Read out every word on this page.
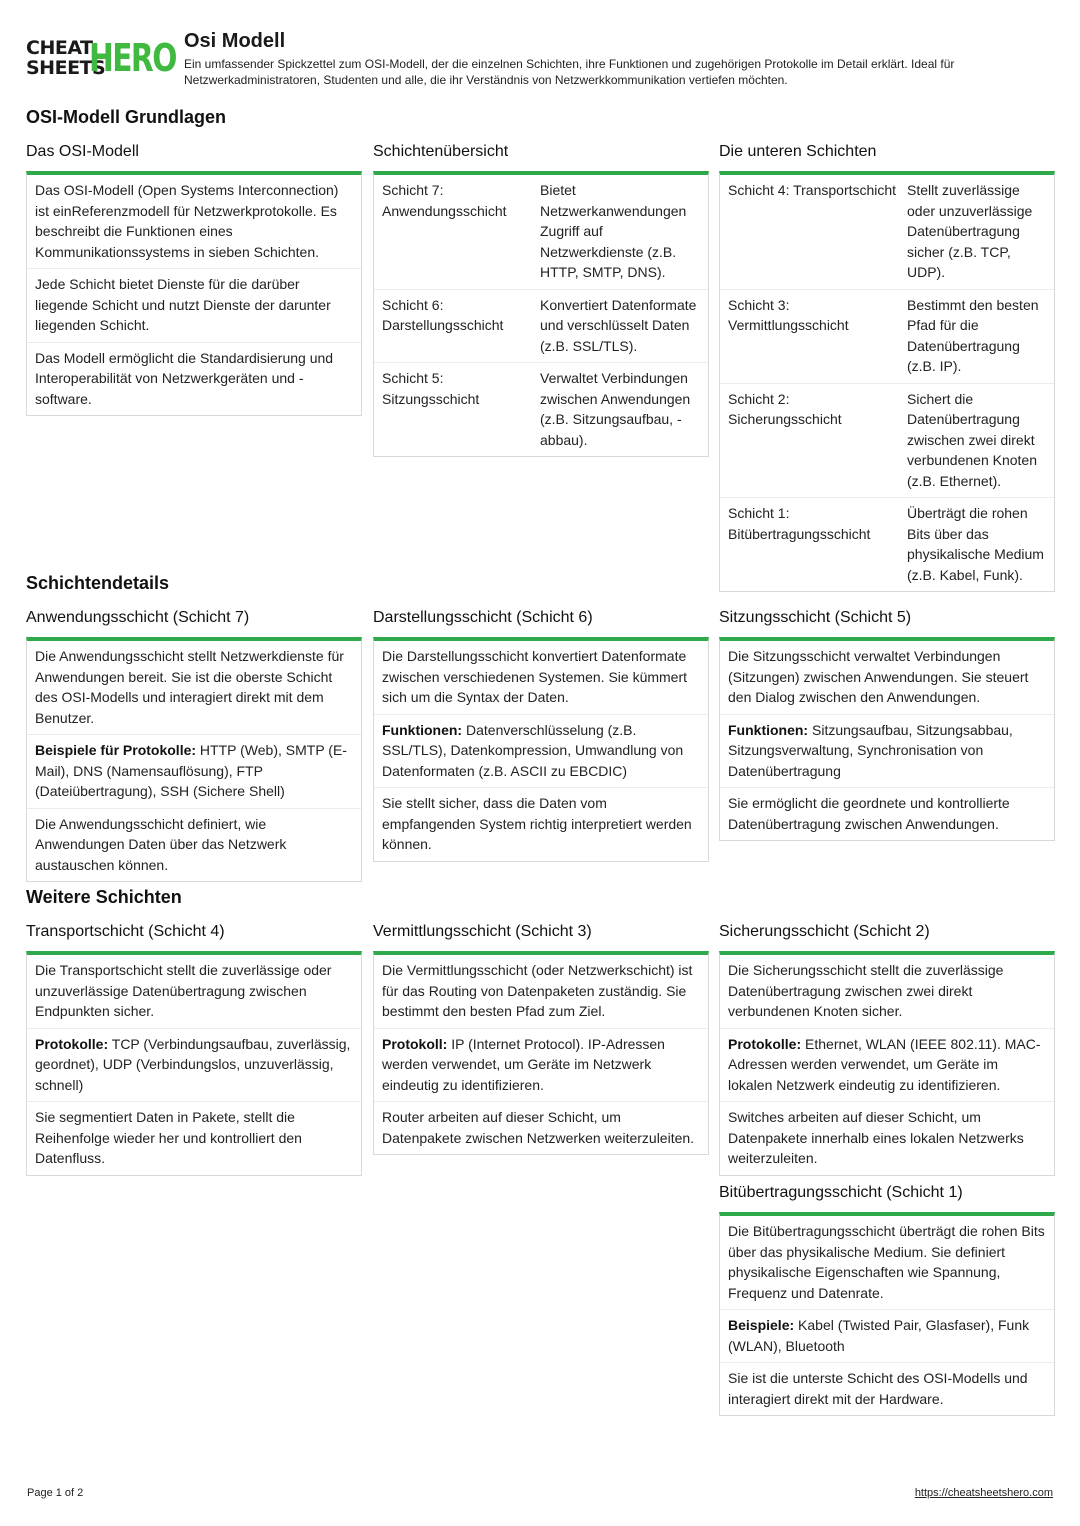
CHEAT
SHEETS
HERO Osi Modell
Ein umfassender Spickzettel zum OSI-Modell, der die einzelnen Schichten, ihre Funktionen und zugehörigen Protokolle im Detail erklärt. Ideal für Netzwerkadministratoren, Studenten und alle, die ihr Verständnis von Netzwerkkommunikation vertiefen möchten.
OSI-Modell Grundlagen
Das OSI-Modell
Das OSI-Modell (Open Systems Interconnection) ist einReferenzmodell für Netzwerkprotokolle. Es beschreibt die Funktionen eines Kommunikationssystems in sieben Schichten.
Jede Schicht bietet Dienste für die darüber liegende Schicht und nutzt Dienste der darunter liegenden Schicht.
Das Modell ermöglicht die Standardisierung und Interoperabilität von Netzwerkgeräten und -software.
Schichtenübersicht
Schicht 7: Anwendungsschicht
Bietet Netzwerkanwendungen Zugriff auf Netzwerkdienste (z.B. HTTP, SMTP, DNS).
Schicht 6: Darstellungsschicht
Konvertiert Datenformate und verschlüsselt Daten (z.B. SSL/TLS).
Schicht 5: Sitzungsschicht
Verwaltet Verbindungen zwischen Anwendungen (z.B. Sitzungsaufbau, -abbau).
Die unteren Schichten
Schicht 4: Transportschicht Stellt zuverlässige oder unzuverlässige Datenübertragung sicher (z.B. TCP, UDP).
Schicht 3: Vermittlungsschicht
Bestimmt den besten Pfad für die Datenübertragung (z.B. IP).
Schicht 2: Sicherungsschicht
Sichert die Datenübertragung zwischen zwei direkt verbundenen Knoten (z.B. Ethernet).
Schicht 1: Bitübertragungsschicht
Überträgt die rohen Bits über das physikalische Medium (z.B. Kabel, Funk).
Schichtendetails
Anwendungsschicht (Schicht 7)
Die Anwendungsschicht stellt Netzwerkdienste für Anwendungen bereit. Sie ist die oberste Schicht des OSI-Modells und interagiert direkt mit dem Benutzer.
Beispiele für Protokolle: HTTP (Web), SMTP (E-Mail), DNS (Namensauflösung), FTP (Dateiübertragung), SSH (Sichere Shell)
Die Anwendungsschicht definiert, wie Anwendungen Daten über das Netzwerk austauschen können.
Darstellungsschicht (Schicht 6)
Die Darstellungsschicht konvertiert Datenformate zwischen verschiedenen Systemen. Sie kümmert sich um die Syntax der Daten.
Funktionen: Datenverschlüsselung (z.B. SSL/TLS), Datenkompression, Umwandlung von Datenformaten (z.B. ASCII zu EBCDIC)
Sie stellt sicher, dass die Daten vom empfangenden System richtig interpretiert werden können.
Sitzungsschicht (Schicht 5)
Die Sitzungsschicht verwaltet Verbindungen (Sitzungen) zwischen Anwendungen. Sie steuert den Dialog zwischen den Anwendungen.
Funktionen: Sitzungsaufbau, Sitzungsabbau, Sitzungsverwaltung, Synchronisation von Datenübertragung
Sie ermöglicht die geordnete und kontrollierte Datenübertragung zwischen Anwendungen.
Weitere Schichten
Transportschicht (Schicht 4)
Die Transportschicht stellt die zuverlässige oder unzuverlässige Datenübertragung zwischen Endpunkten sicher.
Protokolle: TCP (Verbindungsaufbau, zuverlässig, geordnet), UDP (Verbindungslos, unzuverlässig, schnell)
Sie segmentiert Daten in Pakete, stellt die Reihenfolge wieder her und kontrolliert den Datenfluss.
Vermittlungsschicht (Schicht 3)
Die Vermittlungsschicht (oder Netzwerkschicht) ist für das Routing von Datenpaketen zuständig. Sie bestimmt den besten Pfad zum Ziel.
Protokoll: IP (Internet Protocol). IP-Adressen werden verwendet, um Geräte im Netzwerk eindeutig zu identifizieren.
Router arbeiten auf dieser Schicht, um Datenpakete zwischen Netzwerken weiterzuleiten.
Sicherungsschicht (Schicht 2)
Die Sicherungsschicht stellt die zuverlässige Datenübertragung zwischen zwei direkt verbundenen Knoten sicher.
Protokolle: Ethernet, WLAN (IEEE 802.11). MAC-Adressen werden verwendet, um Geräte im lokalen Netzwerk eindeutig zu identifizieren.
Switches arbeiten auf dieser Schicht, um Datenpakete innerhalb eines lokalen Netzwerks weiterzuleiten.
Bitübertragungsschicht (Schicht 1)
Die Bitübertragungsschicht überträgt die rohen Bits über das physikalische Medium. Sie definiert physikalische Eigenschaften wie Spannung, Frequenz und Datenrate.
Beispiele: Kabel (Twisted Pair, Glasfaser), Funk (WLAN), Bluetooth
Sie ist die unterste Schicht des OSI-Modells und interagiert direkt mit der Hardware.
Page 1 of 2	https://cheatsheetshero.com
